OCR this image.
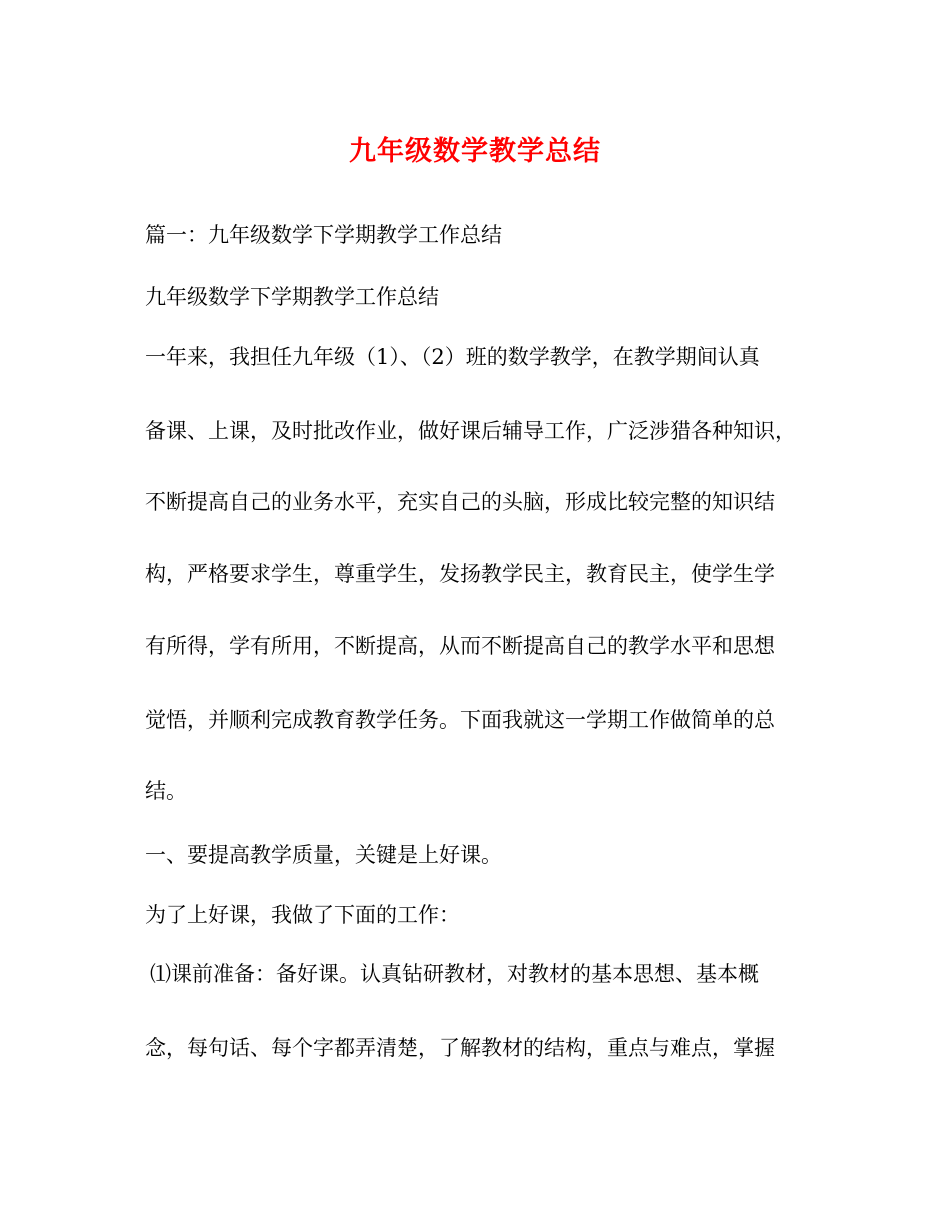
九年级数学教学总结
篇一：九年级数学下学期教学工作总结
九年级数学下学期教学工作总结
一年来，我担任九年级（1）、（2）班的数学教学，在教学期间认真
备课、上课，及时批改作业，做好课后辅导工作，广泛涉猎各种知识，
不断提高自己的业务水平，充实自己的头脑，形成比较完整的知识结
构，严格要求学生，尊重学生，发扬教学民主，教育民主，使学生学
有所得，学有所用，不断提高，从而不断提高自己的教学水平和思想
觉悟，并顺利完成教育教学任务。下面我就这一学期工作做简单的总
结。
一、要提高教学质量，关键是上好课。
为了上好课，我做了下面的工作：
⑴课前准备：备好课。认真钻研教材，对教材的基本思想、基本概
念，每句话、每个字都弄清楚，了解教材的结构，重点与难点，掌握
